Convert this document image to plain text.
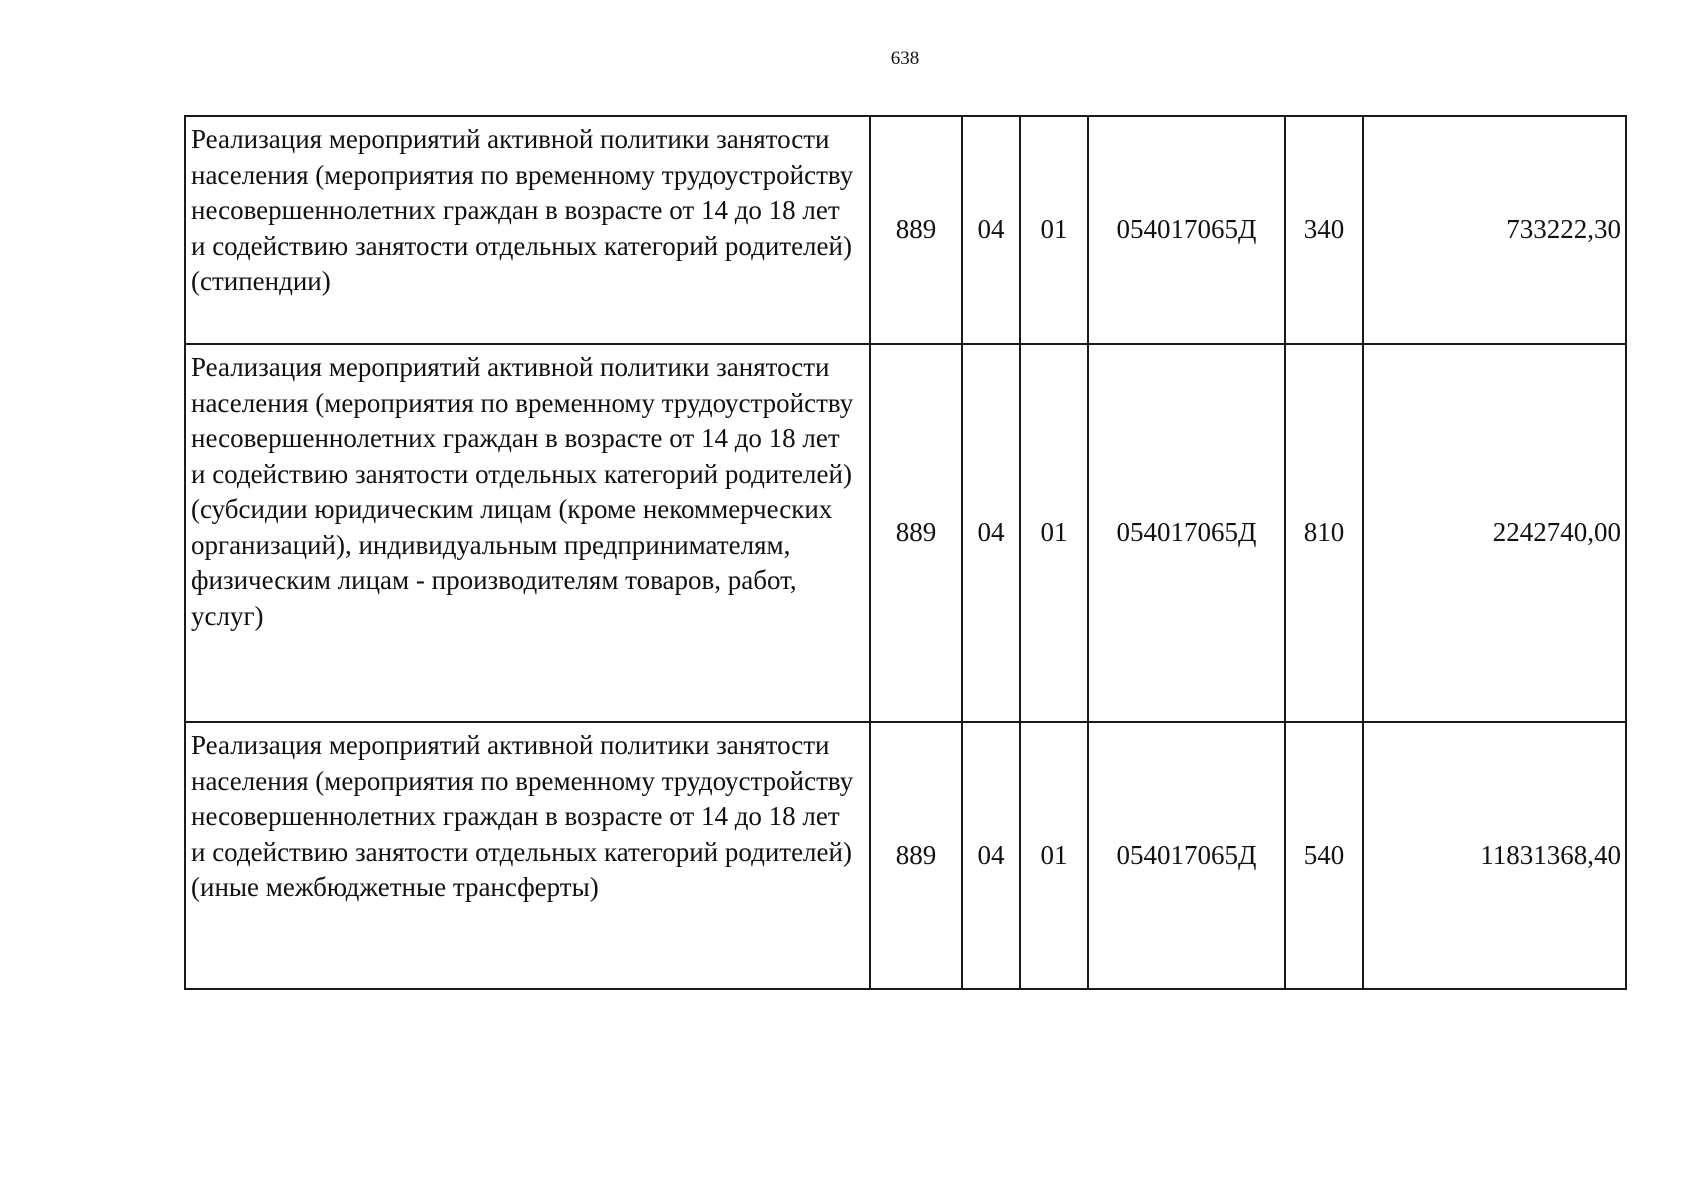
638
Реализация мероприятий активной политики занятости населения (мероприятия по временному трудоустройству несовершеннолетних граждан в возрасте от 14 до 18 лет и содействию занятости отдельных категорий родителей) (стипендии)	889	04	01	054017065Д	340	733222,30
Реализация мероприятий активной политики занятости населения (мероприятия по временному трудоустройству несовершеннолетних граждан в возрасте от 14 до 18 лет и содействию занятости отдельных категорий родителей) (субсидии юридическим лицам (кроме некоммерческих организаций), индивидуальным предпринимателям, физическим лицам - производителям товаров, работ, услуг)	889	04	01	054017065Д	810	2242740,00
Реализация мероприятий активной политики занятости населения (мероприятия по временному трудоустройству несовершеннолетних граждан в возрасте от 14 до 18 лет и содействию занятости отдельных категорий родителей) (иные межбюджетные трансферты)	889	04	01	054017065Д	540	11831368,40
